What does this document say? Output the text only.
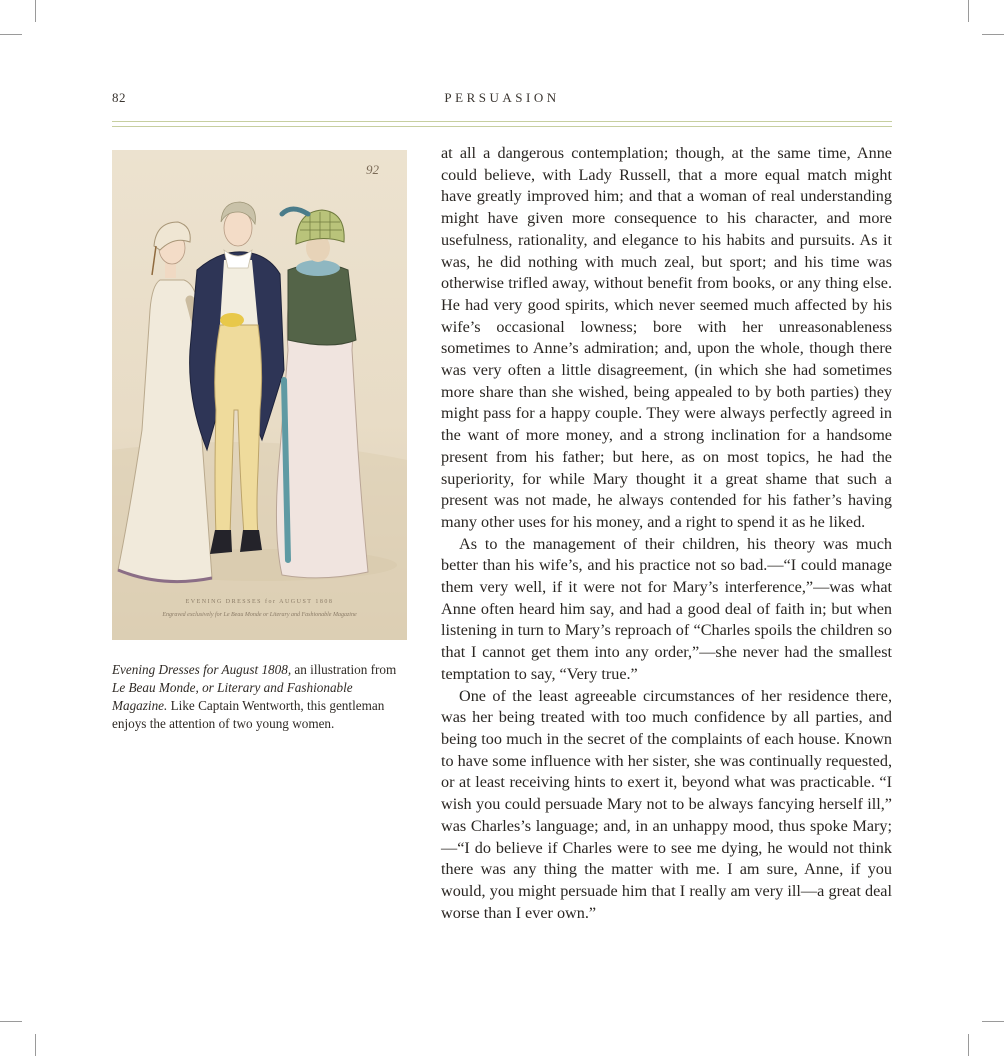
82	PERSUASION
92
EVENING DRESSES for AUGUST 1808
Engraved exclusively for Le Beau Monde or Literary and Fashionable Magazine
Evening Dresses for August 1808, an illustration from Le Beau Monde, or Literary and Fashionable Magazine. Like Captain Wentworth, this gentleman enjoys the attention of two young women.

at all a dangerous contemplation; though, at the same time, Anne could believe, with Lady Russell, that a more equal match might have greatly improved him; and that a woman of real understanding might have given more consequence to his character, and more usefulness, rationality, and elegance to his habits and pursuits. As it was, he did nothing with much zeal, but sport; and his time was otherwise trifled away, without benefit from books, or any thing else. He had very good spirits, which never seemed much affected by his wife’s occasional lowness; bore with her unreasonableness sometimes to Anne’s admiration; and, upon the whole, though there was very often a little disagreement, (in which she had sometimes more share than she wished, being appealed to by both parties) they might pass for a happy couple. They were always perfectly agreed in the want of more money, and a strong inclination for a handsome present from his father; but here, as on most topics, he had the superiority, for while Mary thought it a great shame that such a present was not made, he always contended for his father’s having many other uses for his money, and a right to spend it as he liked.

As to the management of their children, his theory was much better than his wife’s, and his practice not so bad.—“I could manage them very well, if it were not for Mary’s interference,”—was what Anne often heard him say, and had a good deal of faith in; but when listening in turn to Mary’s reproach of “Charles spoils the children so that I cannot get them into any order,”—she never had the smallest temptation to say, “Very true.”

One of the least agreeable circumstances of her residence there, was her being treated with too much confidence by all parties, and being too much in the secret of the complaints of each house. Known to have some influence with her sister, she was continually requested, or at least receiving hints to exert it, beyond what was practicable. “I wish you could persuade Mary not to be always fancying herself ill,” was Charles’s language; and, in an unhappy mood, thus spoke Mary;—“I do believe if Charles were to see me dying, he would not think there was any thing the matter with me. I am sure, Anne, if you would, you might persuade him that I really am very ill—a great deal worse than I ever own.”
